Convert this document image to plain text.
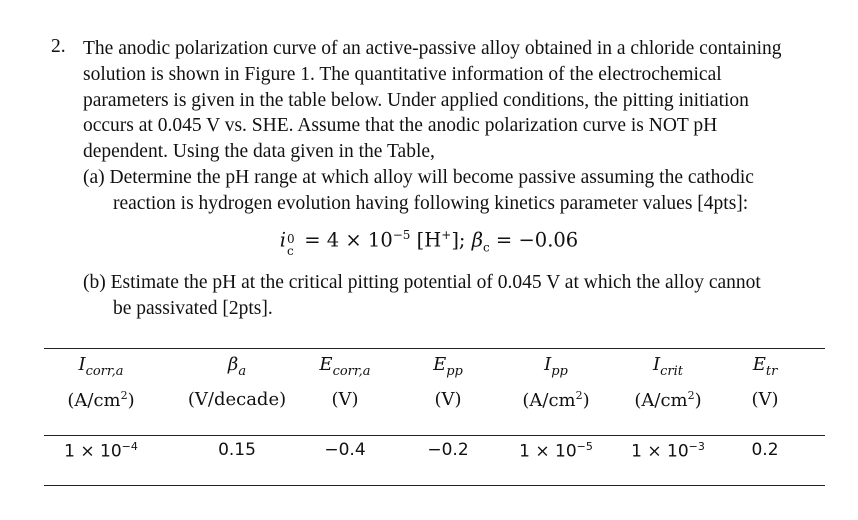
2. The anodic polarization curve of an active-passive alloy obtained in a chloride containing
solution is shown in Figure 1. The quantitative information of the electrochemical
parameters is given in the table below. Under applied conditions, the pitting initiation
occurs at 0.045 V vs. SHE. Assume that the anodic polarization curve is NOT pH
dependent. Using the data given in the Table,
(a) Determine the pH range at which alloy will become passive assuming the cathodic
reaction is hydrogen evolution having following kinetics parameter values [4pts]:
i 0
$c = 4 \times 10^{-5}$ [H+]; $\beta_c = -0.06$
(b) Estimate the pH at the critical pitting potential of 0.045 V at which the alloy cannot
be passivated [2pts].
$I_{corr,a}$
$(A/cm^2)$
$1 \times 10^{-4}$
$\beta_a$
(V/decade)
0.15
$E_{corr,a}$
(V)
−0.4
$E_{pp}$
(V)
−0.2
$I_{pp}$
$(A/cm^2)$
$1 \times 10^{-5}$
$I_{crit}$
$(A/cm^2)$
$1 \times 10^{-3}$
$E_{tr}$
(V)
0.2
